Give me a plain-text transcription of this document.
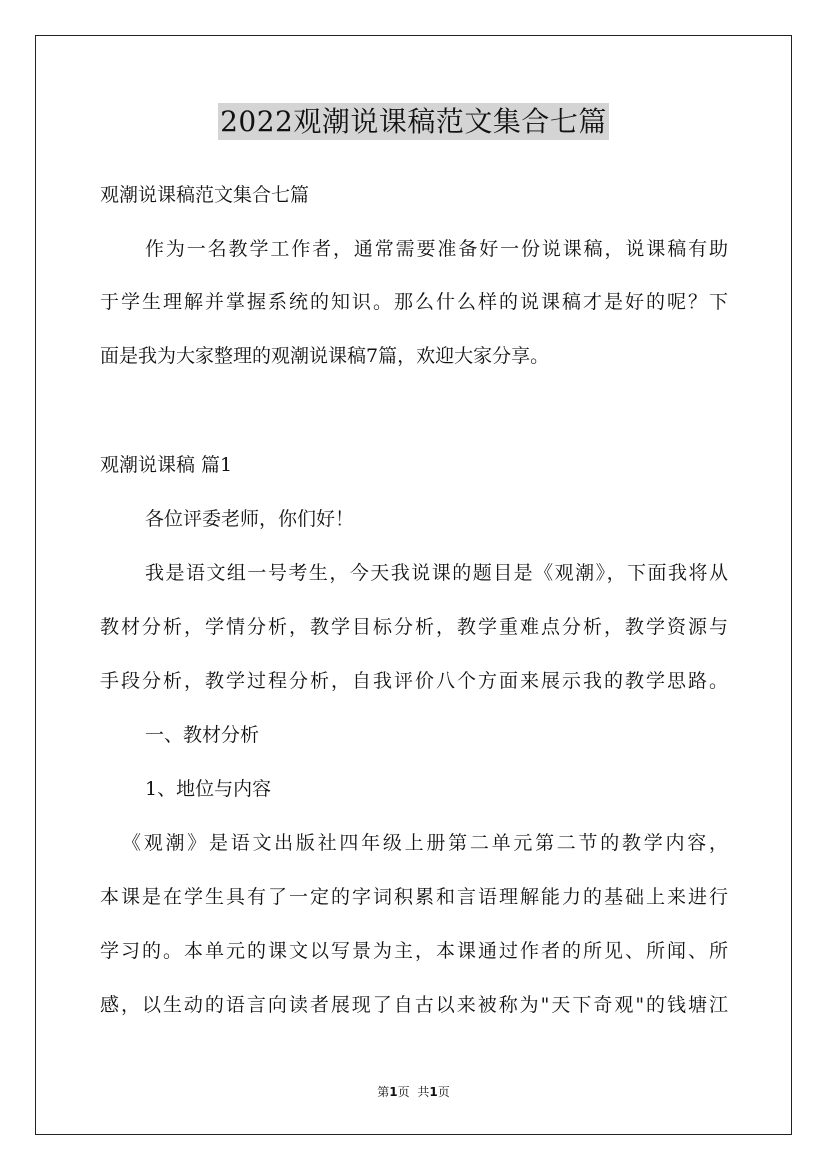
2022观潮说课稿范文集合七篇
观潮说课稿范文集合七篇
作为一名教学工作者，通常需要准备好一份说课稿，说课稿有助
于学生理解并掌握系统的知识。那么什么样的说课稿才是好的呢？下
面是我为大家整理的观潮说课稿7篇，欢迎大家分享。
观潮说课稿 篇1
各位评委老师，你们好！
我是语文组一号考生，今天我说课的题目是《观潮》，下面我将从
教材分析，学情分析，教学目标分析，教学重难点分析，教学资源与
手段分析，教学过程分析，自我评价八个方面来展示我的教学思路。
一、教材分析
1、地位与内容
《观潮》是语文出版社四年级上册第二单元第二节的教学内容，
本课是在学生具有了一定的字词积累和言语理解能力的基础上来进行
学习的。本单元的课文以写景为主，本课通过作者的所见、所闻、所
感，以生动的语言向读者展现了自古以来被称为"天下奇观"的钱塘江
第1页 共1页
